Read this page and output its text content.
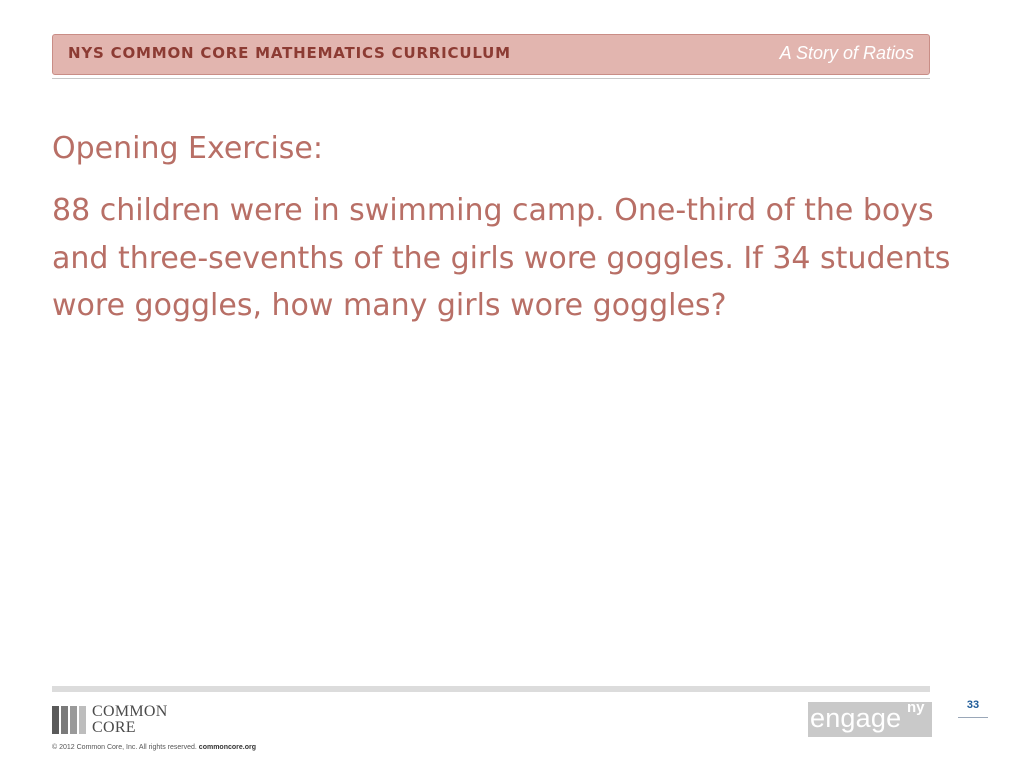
NYS COMMON CORE MATHEMATICS CURRICULUM	A Story of Ratios
Opening Exercise:
88 children were in swimming camp. One-third of the boys and three-sevenths of the girls wore goggles. If 34 students wore goggles, how many girls wore goggles?
COMMON
CORE
© 2012 Common Core, Inc. All rights reserved. commoncore.org
engage ny	33
